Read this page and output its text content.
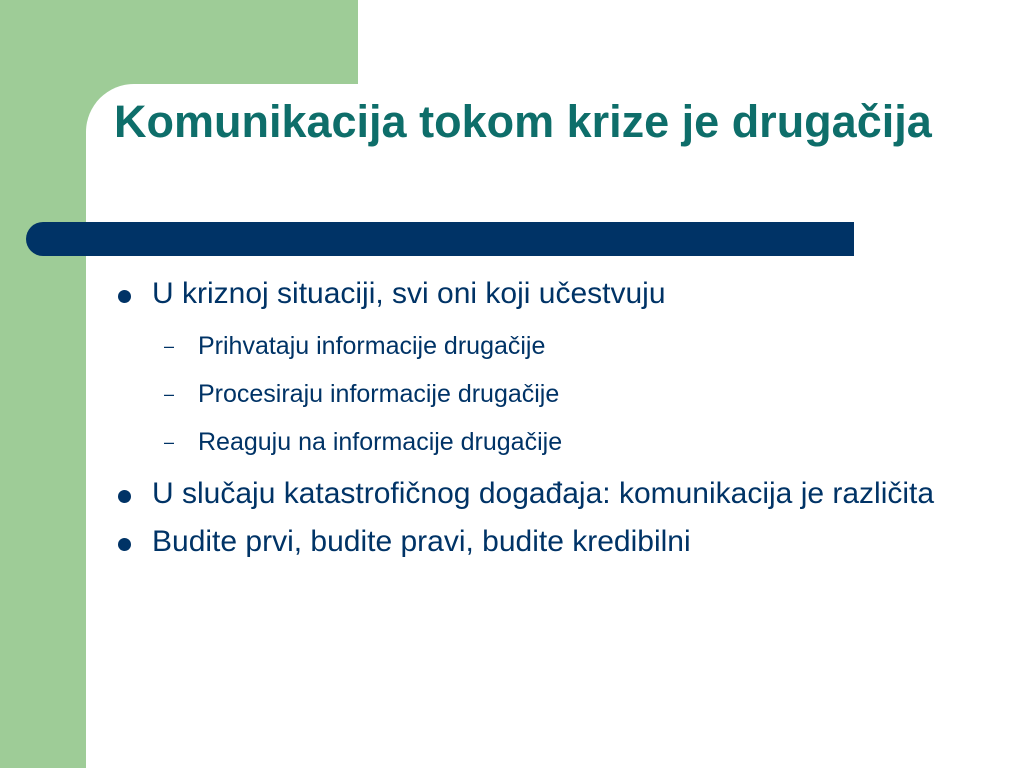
Komunikacija tokom krize je drugačija
U kriznoj situaciji, svi oni koji učestvuju
– Prihvataju informacije drugačije
– Procesiraju informacije drugačije
– Reaguju na informacije drugačije
U slučaju katastrofičnog događaja: komunikacija je različita
Budite prvi, budite pravi, budite kredibilni
